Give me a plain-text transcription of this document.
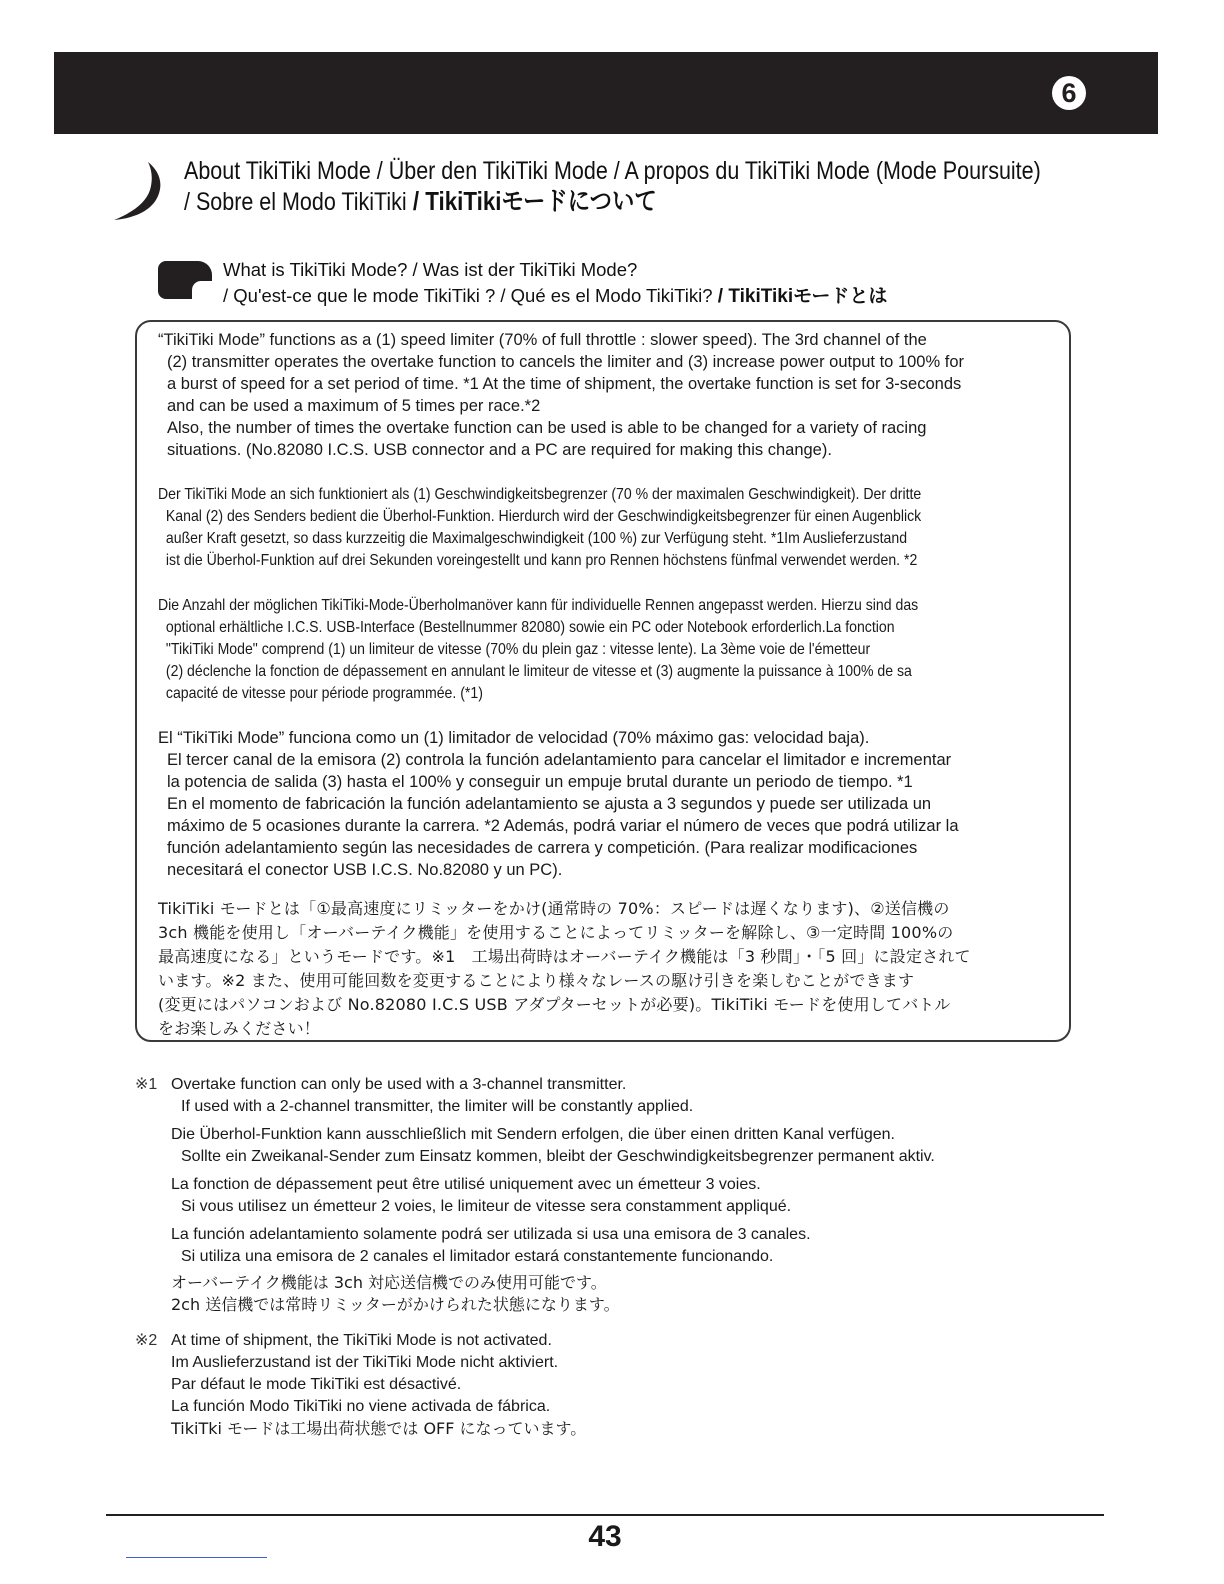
6
About TikiTiki Mode / Über den TikiTiki Mode / A propos du TikiTiki Mode (Mode Poursuite)
/ Sobre el Modo TikiTiki / TikiTikiモードについて
What is TikiTiki Mode? / Was ist der TikiTiki Mode?
/ Qu'est-ce que le mode TikiTiki ? / Qué es el Modo TikiTiki? / TikiTikiモードとは
“TikiTiki Mode” functions as a (1) speed limiter (70% of full throttle : slower speed). The 3rd channel of the
(2) transmitter operates the overtake function to cancels the limiter and (3) increase power output to 100% for
a burst of speed for a set period of time. *1 At the time of shipment, the overtake function is set for 3-seconds
and can be used a maximum of 5 times per race.*2
Also, the number of times the overtake function can be used is able to be changed for a variety of racing
situations. (No.82080 I.C.S. USB connector and a PC are required for making this change).
Der TikiTiki Mode an sich funktioniert als (1) Geschwindigkeitsbegrenzer (70 % der maximalen Geschwindigkeit). Der dritte
Kanal (2) des Senders bedient die Überhol-Funktion. Hierdurch wird der Geschwindigkeitsbegrenzer für einen Augenblick
außer Kraft gesetzt, so dass kurzzeitig die Maximalgeschwindigkeit (100 %) zur Verfügung steht. *1Im Auslieferzustand
ist die Überhol-Funktion auf drei Sekunden voreingestellt und kann pro Rennen höchstens fünfmal verwendet werden. *2
Die Anzahl der möglichen TikiTiki-Mode-Überholmanöver kann für individuelle Rennen angepasst werden. Hierzu sind das
optional erhältliche I.C.S. USB-Interface (Bestellnummer 82080) sowie ein PC oder Notebook erforderlich.La fonction
"TikiTiki Mode" comprend (1) un limiteur de vitesse (70% du plein gaz : vitesse lente). La 3ème voie de l'émetteur
(2) déclenche la fonction de dépassement en annulant le limiteur de vitesse et (3) augmente la puissance à 100% de sa
capacité de vitesse pour période programmée. (*1)
El “TikiTiki Mode” funciona como un (1) limitador de velocidad (70% máximo gas: velocidad baja).
El tercer canal de la emisora (2) controla la función adelantamiento para cancelar el limitador e incrementar
la potencia de salida (3) hasta el 100% y conseguir un empuje brutal durante un periodo de tiempo. *1
En el momento de fabricación la función adelantamiento se ajusta a 3 segundos y puede ser utilizada un
máximo de 5 ocasiones durante la carrera. *2 Además, podrá variar el número de veces que podrá utilizar la
función adelantamiento según las necesidades de carrera y competición. (Para realizar modificaciones
necesitará el conector USB I.C.S. No.82080 y un PC).
TikiTiki モードとは「①最高速度にリミッターをかけ(通常時の 70%：スピードは遅くなります)、②送信機の
3ch 機能を使用し「オーバーテイク機能」を使用することによってリミッターを解除し、③一定時間 100%の
最高速度になる」というモードです。※1　工場出荷時はオーバーテイク機能は「3 秒間」・「5 回」に設定されて
います。※2 また、使用可能回数を変更することにより様々なレースの駆け引きを楽しむことができます
(変更にはパソコンおよび No.82080 I.C.S USB アダプターセットが必要)。TikiTiki モードを使用してバトル
をお楽しみください！
※1 Overtake function can only be used with a 3-channel transmitter.
If used with a 2-channel transmitter, the limiter will be constantly applied.
Die Überhol-Funktion kann ausschließlich mit Sendern erfolgen, die über einen dritten Kanal verfügen.
Sollte ein Zweikanal-Sender zum Einsatz kommen, bleibt der Geschwindigkeitsbegrenzer permanent aktiv.
La fonction de dépassement peut être utilisé uniquement avec un émetteur 3 voies.
Si vous utilisez un émetteur 2 voies, le limiteur de vitesse sera constamment appliqué.
La función adelantamiento solamente podrá ser utilizada si usa una emisora de 3 canales.
Si utiliza una emisora de 2 canales el limitador estará constantemente funcionando.
オーバーテイク機能は 3ch 対応送信機でのみ使用可能です。
2ch 送信機では常時リミッターがかけられた状態になります。
※2 At time of shipment, the TikiTiki Mode is not activated.
Im Auslieferzustand ist der TikiTiki Mode nicht aktiviert.
Par défaut le mode TikiTiki est désactivé.
La función Modo TikiTiki no viene activada de fábrica.
TikiTki モードは工場出荷状態では OFF になっています。
43
